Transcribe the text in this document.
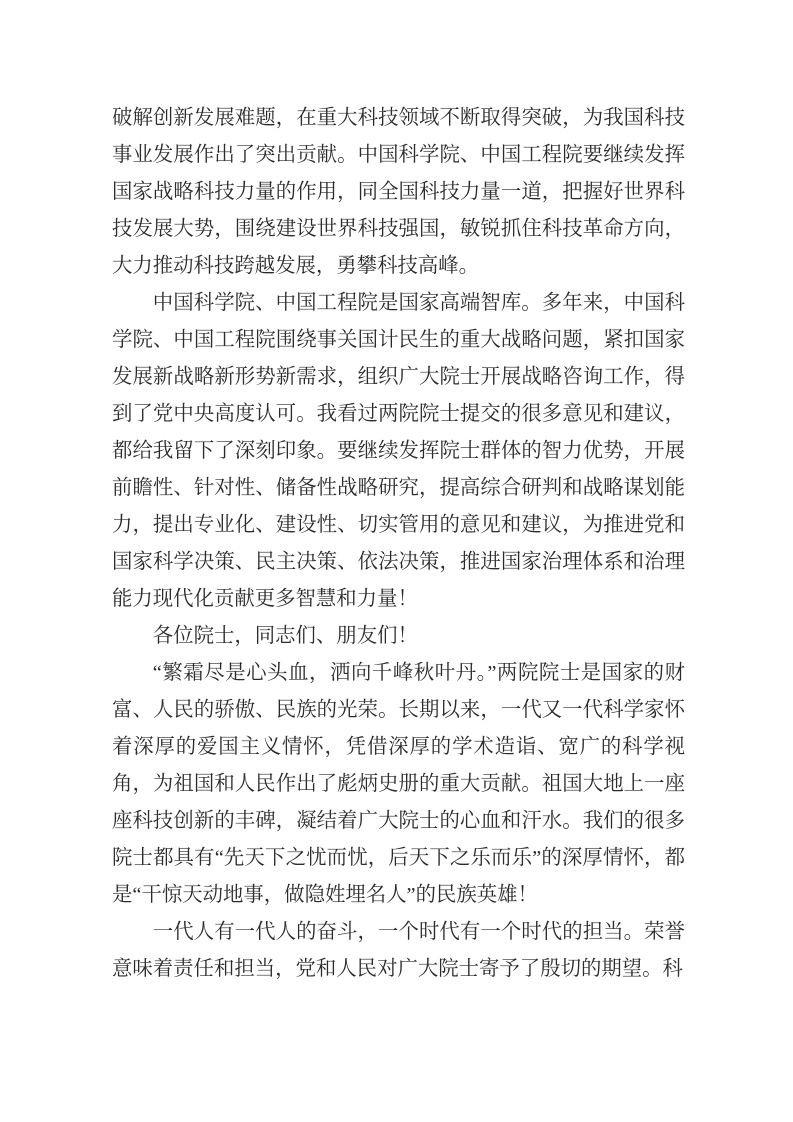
破解创新发展难题，在重大科技领域不断取得突破，为我国科技事业发展作出了突出贡献。中国科学院、中国工程院要继续发挥国家战略科技力量的作用，同全国科技力量一道，把握好世界科技发展大势，围绕建设世界科技强国，敏锐抓住科技革命方向，大力推动科技跨越发展，勇攀科技高峰。

中国科学院、中国工程院是国家高端智库。多年来，中国科学院、中国工程院围绕事关国计民生的重大战略问题，紧扣国家发展新战略新形势新需求，组织广大院士开展战略咨询工作，得到了党中央高度认可。我看过两院院士提交的很多意见和建议，都给我留下了深刻印象。要继续发挥院士群体的智力优势，开展前瞻性、针对性、储备性战略研究，提高综合研判和战略谋划能力，提出专业化、建设性、切实管用的意见和建议，为推进党和国家科学决策、民主决策、依法决策，推进国家治理体系和治理能力现代化贡献更多智慧和力量！

各位院士，同志们、朋友们！

“繁霜尽是心头血，洒向千峰秋叶丹。”两院院士是国家的财富、人民的骄傲、民族的光荣。长期以来，一代又一代科学家怀着深厚的爱国主义情怀，凭借深厚的学术造诣、宽广的科学视角，为祖国和人民作出了彪炳史册的重大贡献。祖国大地上一座座科技创新的丰碑，凝结着广大院士的心血和汗水。我们的很多院士都具有“先天下之忧而忧，后天下之乐而乐”的深厚情怀，都是“干惊天动地事，做隐姓埋名人”的民族英雄！

一代人有一代人的奋斗，一个时代有一个时代的担当。荣誉意味着责任和担当，党和人民对广大院士寄予了殷切的期望。科
